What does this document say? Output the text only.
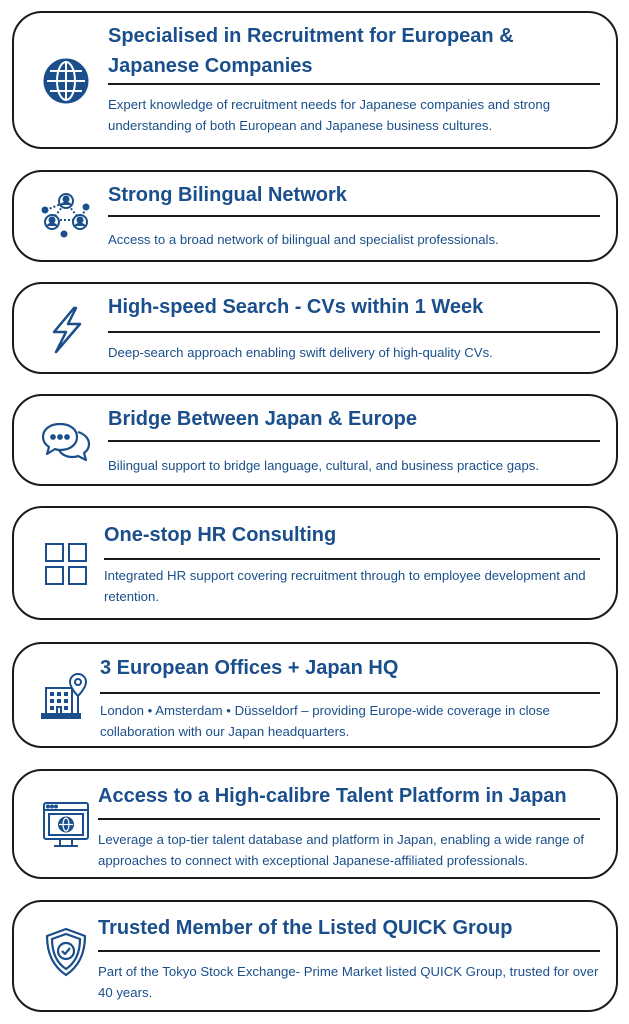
Specialised in Recruitment for European & Japanese Companies

Expert knowledge of recruitment needs for Japanese companies and strong understanding of both European and Japanese business cultures.

Strong Bilingual Network

Access to a broad network of bilingual and specialist professionals.

High-speed Search - CVs within 1 Week

Deep-search approach enabling swift delivery of high-quality CVs.

Bridge Between Japan & Europe

Bilingual support to bridge language, cultural, and business practice gaps.

One-stop HR Consulting

Integrated HR support covering recruitment through to employee development and retention.

3 European Offices + Japan HQ

London • Amsterdam • Düsseldorf – providing Europe-wide coverage in close collaboration with our Japan headquarters.

Access to a High-calibre Talent Platform in Japan

Leverage a top-tier talent database and platform in Japan, enabling a wide range of approaches to connect with exceptional Japanese-affiliated professionals.

Trusted Member of the Listed QUICK Group

Part of the Tokyo Stock Exchange- Prime Market listed QUICK Group, trusted for over 40 years.
